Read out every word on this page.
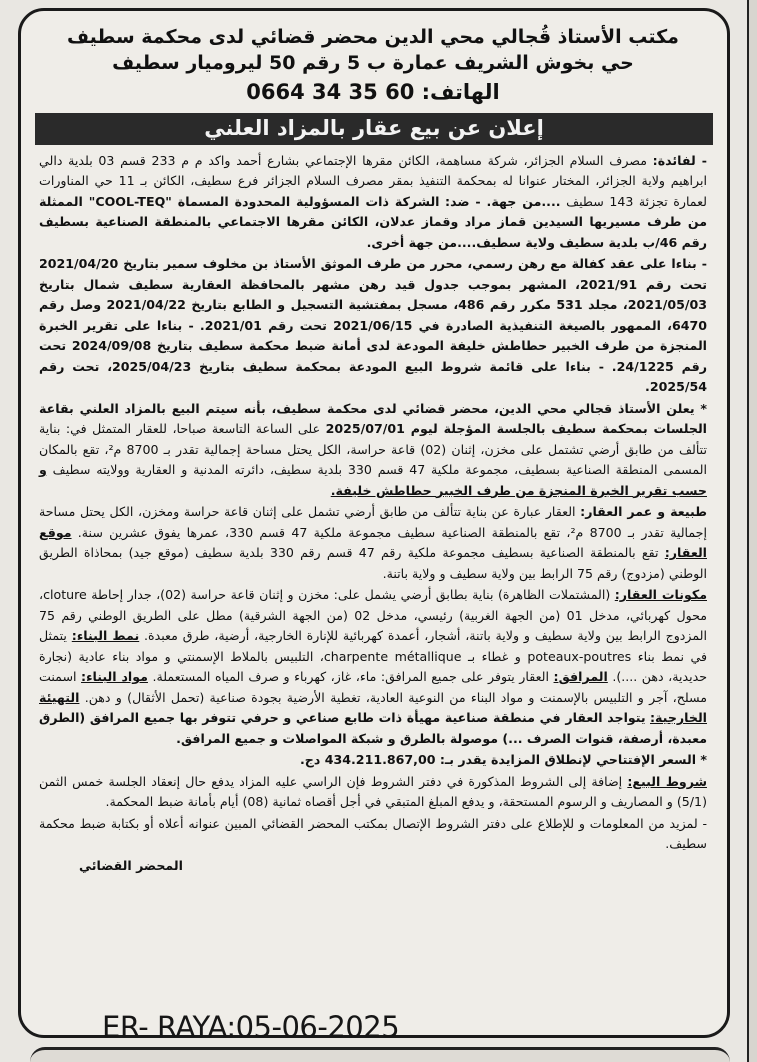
مكتب الأستاذ قُجالي محي الدين محضر قضائي لدى محكمة سطيف
حي بخوش الشريف عمارة ب 5 رقم 50 ليروميار سطيف
الهاتف: 0664 34 35 60
إعلان عن بيع عقار بالمزاد العلني

- لفائدة: مصرف السلام الجزائر، شركة مساهمة، الكائن مقرها الإجتماعي بشارع أحمد واكد م م 233 قسم 03 بلدية دالي ابراهيم ولاية الجزائر، المختار عنوانا له بمحكمة التنفيذ بمقر مصرف السلام الجزائر فرع سطيف، الكائن بـ 11 حي المناورات لعمارة تجزئة 143 سطيف ....من جهة. - ضد: الشركة ذات المسؤولية المحدودة المسماة "COOL-TEQ" الممثلة من طرف مسيريها السيدين قماز مراد وقماز عدلان، الكائن مقرها الاجتماعي بالمنطقة الصناعية بسطيف رقم 46/ب بلدية سطيف ولاية سطيف....من جهة أخرى.

- بناءا على عقد كفالة مع رهن رسمي، محرر من طرف الموثق الأستاذ بن مخلوف سمير بتاريخ 2021/04/20 تحت رقم 2021/91، المشهر بموجب جدول قيد رهن مشهر بالمحافظة العقارية سطيف شمال بتاريخ 2021/05/03، مجلد 531 مكرر رقم 486، مسجل بمفتشية التسجيل و الطابع بتاريخ 2021/04/22 وصل رقم 6470، الممهور بالصيغة التنفيذية الصادرة في 2021/06/15 تحت رقم 2021/01. - بناءا على تقرير الخبرة المنجزة من طرف الخبير حطاطش خليفة المودعة لدى أمانة ضبط محكمة سطيف بتاريخ 2024/09/08 تحت رقم 24/1225. - بناءا على قائمة شروط البيع المودعة بمحكمة سطيف بتاريخ 2025/04/23، تحت رقم 2025/54.

* يعلن الأستاذ قجالي محي الدين، محضر قضائي لدى محكمة سطيف، بأنه سيتم البيع بالمزاد العلني بقاعة الجلسات بمحكمة سطيف بالجلسة المؤجلة ليوم 2025/07/01 على الساعة التاسعة صباحا، للعقار المتمثل في: بناية تتألف من طابق أرضي تشتمل على مخزن، إثنان (02) قاعة حراسة، الكل يحتل مساحة إجمالية تقدر بـ 8700 م²، تقع بالمكان المسمى المنطقة الصناعية بسطيف، مجموعة ملكية 47 قسم 330 بلدية سطيف، دائرته المدنية و العقارية وولايته سطيف و حسب تقرير الخبرة المنجزة من طرف الخبير حطاطش خليفة.

طبيعة و عمر العقار: العقار عبارة عن بناية تتألف من طابق أرضي تشمل على إثنان قاعة حراسة ومخزن، الكل يحتل مساحة إجمالية تقدر بـ 8700 م²، تقع بالمنطقة الصناعية سطيف مجموعة ملكية 47 قسم 330، عمرها يفوق عشرين سنة. موقع العقار: تقع بالمنطقة الصناعية بسطيف مجموعة ملكية رقم 47 قسم رقم 330 بلدية سطيف (موقع جيد) بمحاذاة الطريق الوطني (مزدوج) رقم 75 الرابط بين ولاية سطيف و ولاية باتنة.

مكونات العقار: (المشتملات الظاهرة) بناية بطابق أرضي يشمل على: مخزن و إثنان قاعة حراسة (02)، جدار إحاطة cloture، محول كهربائي، مدخل 01 (من الجهة الغربية) رئيسي، مدخل 02 (من الجهة الشرقية) مطل على الطريق الوطني رقم 75 المزدوج الرابط بين ولاية سطيف و ولاية باتنة، أشجار، أعمدة كهربائية للإنارة الخارجية، أرضية، طرق معبدة. نمط البناء: يتمثل في نمط بناء poteaux-poutres و غطاء بـ charpente métallique، التلبيس بالملاط الإسمنتي و مواد بناء عادية (نجارة حديدية، دهن ....). المرافق: العقار يتوفر على جميع المرافق: ماء، غاز، كهرباء و صرف المياه المستعملة. مواد البناء: اسمنت مسلح، آجر و التلبيس بالإسمنت و مواد البناء من النوعية العادية، تغطية الأرضية بجودة صناعية (تحمل الأثقال) و دهن. التهيئة الخارجية: يتواجد العقار في منطقة صناعية مهيأة ذات طابع صناعي و حرفي تتوفر بها جميع المرافق (الطرق معبدة، أرصفة، قنوات الصرف ...) موصولة بالطرق و شبكة المواصلات و جميع المرافق.

* السعر الإفتتاحي لإنطلاق المزايدة يقدر بـ: 434.211.867,00 دج.

شروط البيع: إضافة إلى الشروط المذكورة في دفتر الشروط فإن الراسي عليه المزاد يدفع حال إنعقاد الجلسة خمس الثمن (5/1) و المصاريف و الرسوم المستحقة، و يدفع المبلغ المتبقي في أجل أقصاه ثمانية (08) أيام بأمانة ضبط المحكمة.

- لمزيد من المعلومات و للإطلاع على دفتر الشروط الإتصال بمكتب المحضر القضائي المبين عنوانه أعلاه أو بكتابة ضبط محكمة سطيف.

المحضر القضائي
ER- RAYA:05-06-2025
